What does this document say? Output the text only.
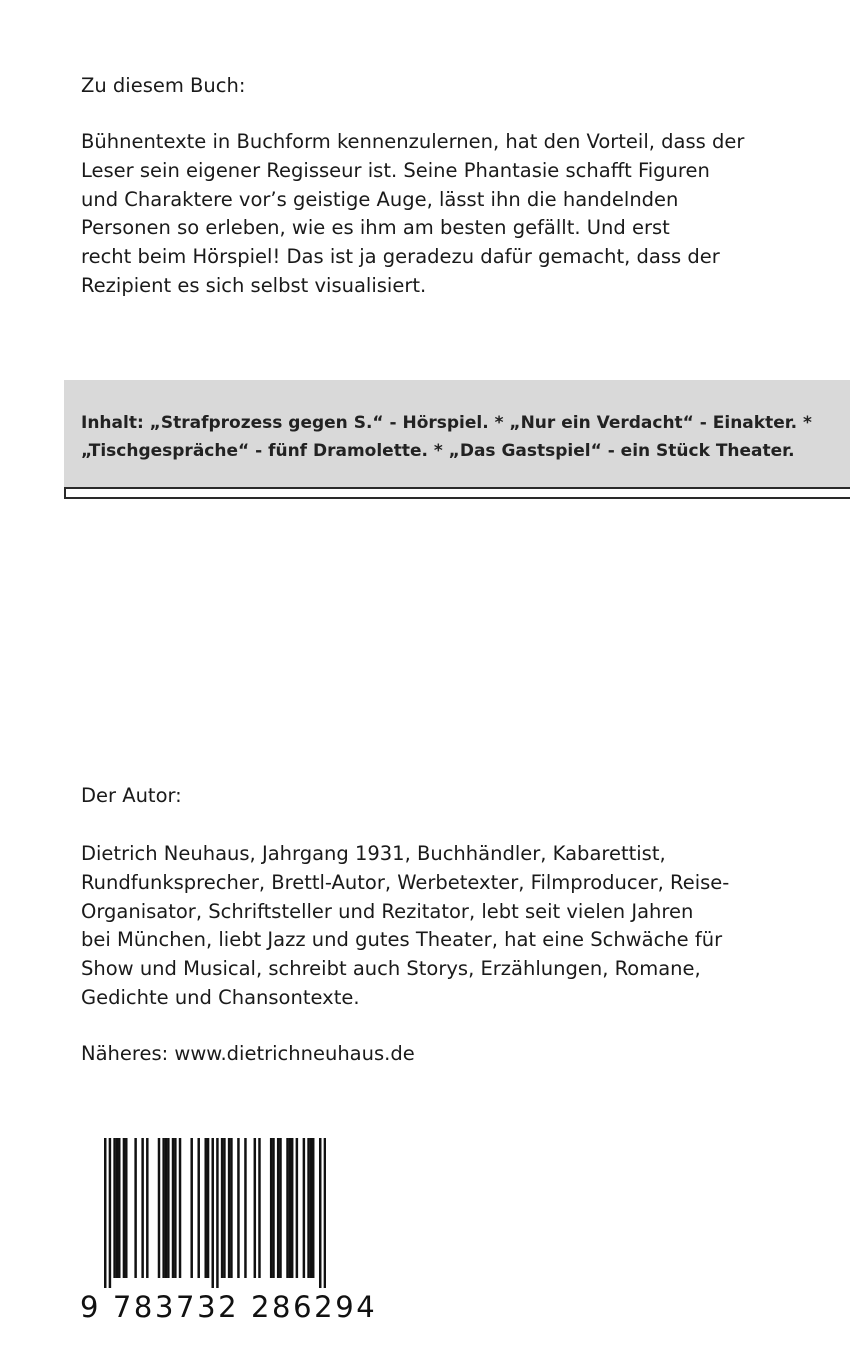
Zu diesem Buch:
Bühnentexte in Buchform kennenzulernen, hat den Vorteil, dass der
Leser sein eigener Regisseur ist. Seine Phantasie schafft Figuren
und Charaktere vor’s geistige Auge, lässt ihn die handelnden
Personen so erleben, wie es ihm am besten gefällt. Und erst
recht beim Hörspiel! Das ist ja geradezu dafür gemacht, dass der
Rezipient es sich selbst visualisiert.
Inhalt: „Strafprozess gegen S.“ - Hörspiel. * „Nur ein Verdacht“ - Einakter. *
„Tischgespräche“ - fünf Dramolette. * „Das Gastspiel“ - ein Stück Theater.
Der Autor:
Dietrich Neuhaus, Jahrgang 1931, Buchhändler, Kabarettist,
Rundfunksprecher, Brettl-Autor, Werbetexter, Filmproducer, Reise-
Organisator, Schriftsteller und Rezitator, lebt seit vielen Jahren
bei München, liebt Jazz und gutes Theater, hat eine Schwäche für
Show und Musical, schreibt auch Storys, Erzählungen, Romane,
Gedichte und Chansontexte.
Näheres: www.dietrichneuhaus.de
9 783732 286294
